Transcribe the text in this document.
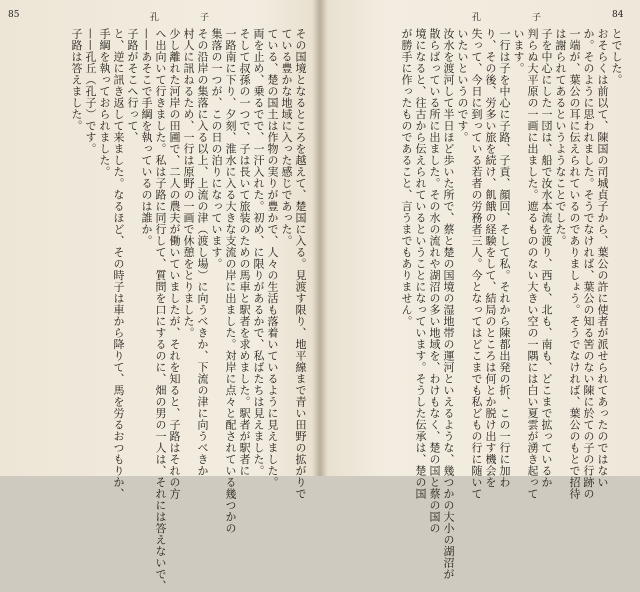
85	孔	子
その国境となるところを越えて、楚国に入る。見渡す限り、地平線まで青い田野の拡がりで
ている豊かな地域に入った感じであった。
ている、楚の国土は作物の実りが豊かで、人々の生活も落着いているように見えました。
両を止め、乗るでで、一汗入れた。初め、に限りがあるかで、私ばたちは見えました。
そして叔孫の一つで、子は長いて旅装のための馬車と駅者を求めました。駅者が駅者に
一路南に下り、夕刻、淮水に入る大きな支流の岸に出ました。対岸に点々と配されている幾つかの
集落の一つが、この日の泊りになっています。
その沿岸の集落に入る以上、上流の津（渡し場）に向うべきか、下流の津に向うべきか
村人に訊ねるため、一行は原野の一画で休憩をとりました。
少し離れた河岸の田圃で、二人の農夫が働いていましたが、それを知ると、子路はそれの方
へ出向いて行きました。私は子路に同行して、質問を口にするのに、畑の男の一人は、それには答えないで、
——あそこで手綱を執っているのは誰か。
子路がそこへ行って、
と、逆に訊き返して来ました。なるほど、その時子は車から降りて、馬を労るおつもりか、
手綱を執っておられました。
——孔丘（孔子）です。
子路は答えました。
孔	子	84
とでした。
おそらくは前以て、陳国の司城貞子から、葉公の許に使者が派せられてあったのではない
か。そのように思われました。そうでなければ、葉公の知る筈のない陳に於ての子の行跡の
一端が、葉公の耳に伝えられているのでありましょう。そうでなければ、葉公のもとで招待
は謝られてあるというようなことでした。
子を中心にした一団は、船で汝水本流を渡り、西も、北も、南も、どこまで拡っているか
判らぬ大平原の一画に出ました。遮るもののない大きい空の一隅には白い夏雲が湧き起って
います。
一行は子を中心に子路、子貢、顔回、そして私。それから陳都出発の折、この一行に加わ
り、その後、労多い旅を続け、飢餓の経験をして、結局のところは何とか脱け出す機会を
失って、今日に到っている若者の労務者三人。今となってはどこまでも私どもの行に随いて
いたいというのです。
汝水を渡河して半日ほど歩いた所で、蔡と楚の国境の湿地帯の運河といえるような、幾つかの大小の湖沼が
散らばっている所に出ました。その水の流れや湖沼の多い地域を、わけもなく、楚の国と蔡の国の
境になると、往古から伝えられているということになっています。そうした伝承は、楚の国
が勝手に作ったものであること、言うまでもありません。
